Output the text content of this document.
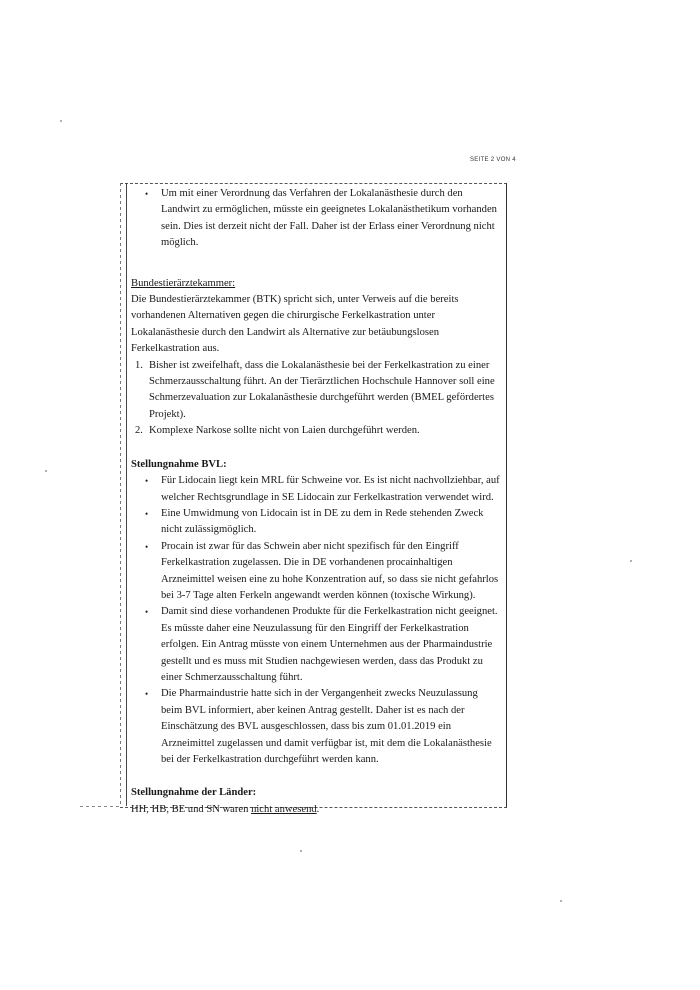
SEITE 2 VON 4
• Um mit einer Verordnung das Verfahren der Lokalanästhesie durch den Landwirt zu ermöglichen, müsste ein geeignetes Lokalanästhetikum vorhanden sein. Dies ist derzeit nicht der Fall. Daher ist der Erlass einer Verordnung nicht möglich.

Bundestierärztekammer:

Die Bundestierärztekammer (BTK) spricht sich, unter Verweis auf die bereits vorhandenen Alternativen gegen die chirurgische Ferkelkastration unter Lokalanästhesie durch den Landwirt als Alternative zur betäubungslosen Ferkelkastration aus.

1. Bisher ist zweifelhaft, dass die Lokalanästhesie bei der Ferkelkastration zu einer Schmerzausschaltung führt. An der Tierärztlichen Hochschule Hannover soll eine Schmerzevaluation zur Lokalanästhesie durchgeführt werden (BMEL gefördertes Projekt).
2. Komplexe Narkose sollte nicht von Laien durchgeführt werden.

Stellungnahme BVL:

• Für Lidocain liegt kein MRL für Schweine vor. Es ist nicht nachvollziehbar, auf welcher Rechtsgrundlage in SE Lidocain zur Ferkelkastration verwendet wird.
• Eine Umwidmung von Lidocain ist in DE zu dem in Rede stehenden Zweck nicht zulässigmöglich.
• Procain ist zwar für das Schwein aber nicht spezifisch für den Eingriff Ferkelkastration zugelassen. Die in DE vorhandenen procainhaltigen Arzneimittel weisen eine zu hohe Konzentration auf, so dass sie nicht gefahrlos bei 3-7 Tage alten Ferkeln angewandt werden können (toxische Wirkung).
• Damit sind diese vorhandenen Produkte für die Ferkelkastration nicht geeignet. Es müsste daher eine Neuzulassung für den Eingriff der Ferkelkastration erfolgen. Ein Antrag müsste von einem Unternehmen aus der Pharmaindustrie gestellt und es muss mit Studien nachgewiesen werden, dass das Produkt zu einer Schmerzausschaltung führt.
• Die Pharmaindustrie hatte sich in der Vergangenheit zwecks Neuzulassung beim BVL informiert, aber keinen Antrag gestellt. Daher ist es nach der Einschätzung des BVL ausgeschlossen, dass bis zum 01.01.2019 ein Arzneimittel zugelassen und damit verfügbar ist, mit dem die Lokalanästhesie bei der Ferkelkastration durchgeführt werden kann.

Stellungnahme der Länder:

HH, HB, BE und SN waren nicht anwesend.
